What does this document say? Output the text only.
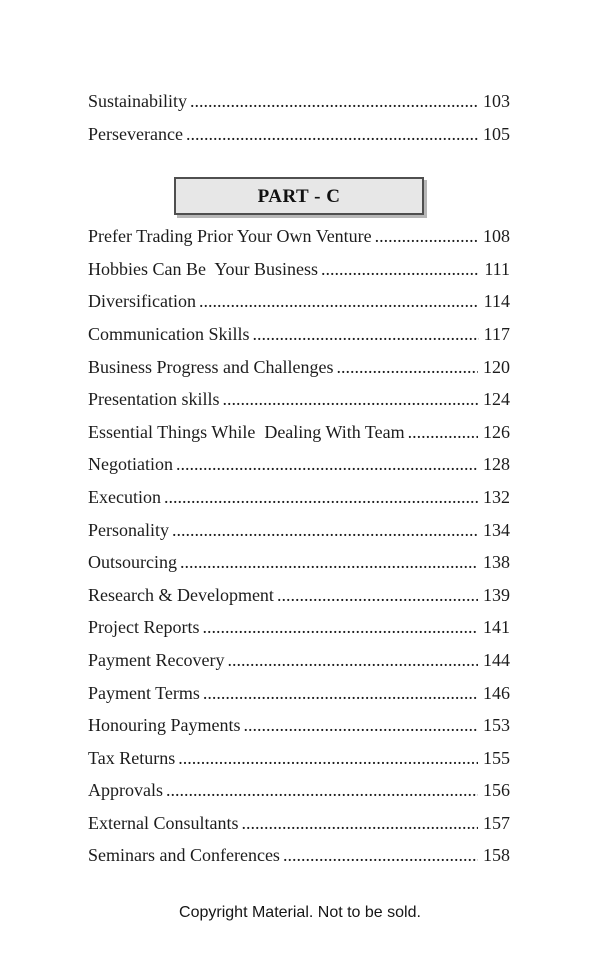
Sustainability .....	103
Perseverance .....	105
PART - C
Prefer Trading Prior Your Own Venture .....	108
Hobbies Can Be  Your Business .....	111
Diversification .....	114
Communication Skills .....	117
Business Progress and Challenges .....	120
Presentation skills .....	124
Essential Things While  Dealing With Team .....	126
Negotiation .....	128
Execution .....	132
Personality .....	134
Outsourcing .....	138
Research & Development .....	139
Project Reports .....	141
Payment Recovery .....	144
Payment Terms .....	146
Honouring Payments .....	153
Tax Returns .....	155
Approvals .....	156
External Consultants .....	157
Seminars and Conferences .....	158
Copyright Material. Not to be sold.
